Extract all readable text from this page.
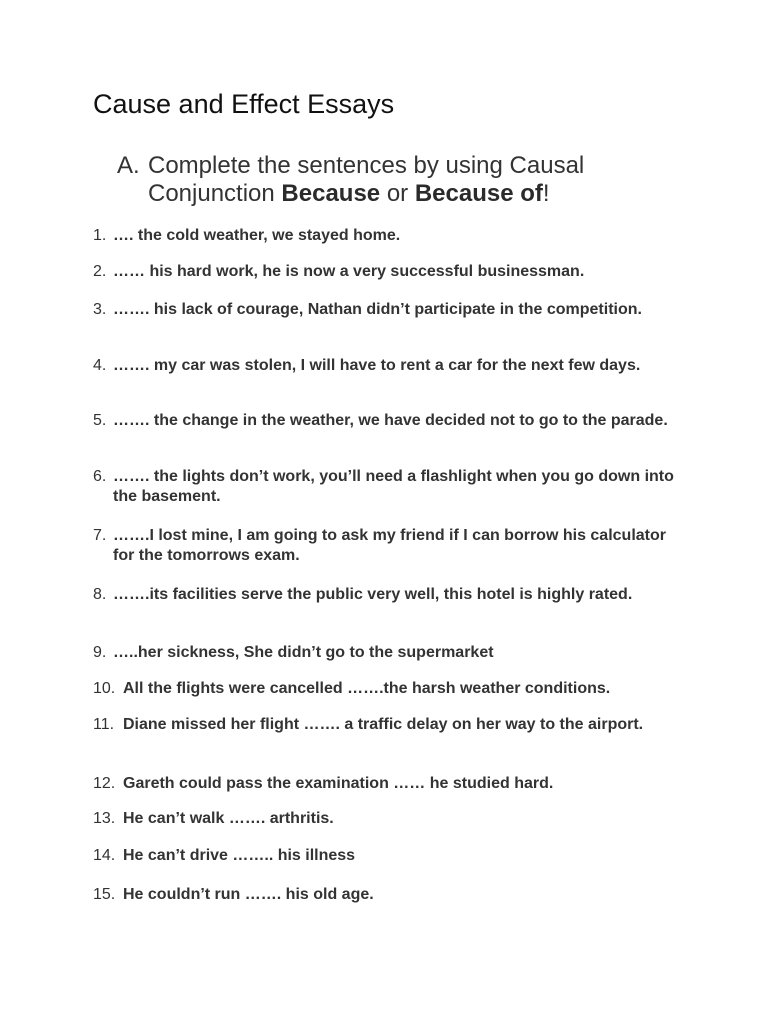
Cause and Effect Essays
A. Complete the sentences by using Causal Conjunction Because or Because of!
1. …. the cold weather, we stayed home.
2. …… his hard work, he is now a very successful businessman.
3. ……. his lack of courage, Nathan didn’t participate in the competition.
4. ……. my car was stolen, I will have to rent a car for the next few days.
5. ……. the change in the weather, we have decided not to go to the parade.
6. ……. the lights don’t work, you’ll need a flashlight when you go down into the basement.
7. …….I lost mine, I am going to ask my friend if I can borrow his calculator for the tomorrows exam.
8. …….its facilities serve the public very well, this hotel is highly rated.
9. …..her sickness, She didn’t go to the supermarket
10. All the flights were cancelled …….the harsh weather conditions.
11. Diane missed her flight ……. a traffic delay on her way to the airport.
12. Gareth could pass the examination …… he studied hard.
13. He can’t walk ……. arthritis.
14. He can’t drive …….. his illness
15. He couldn’t run ……. his old age.
